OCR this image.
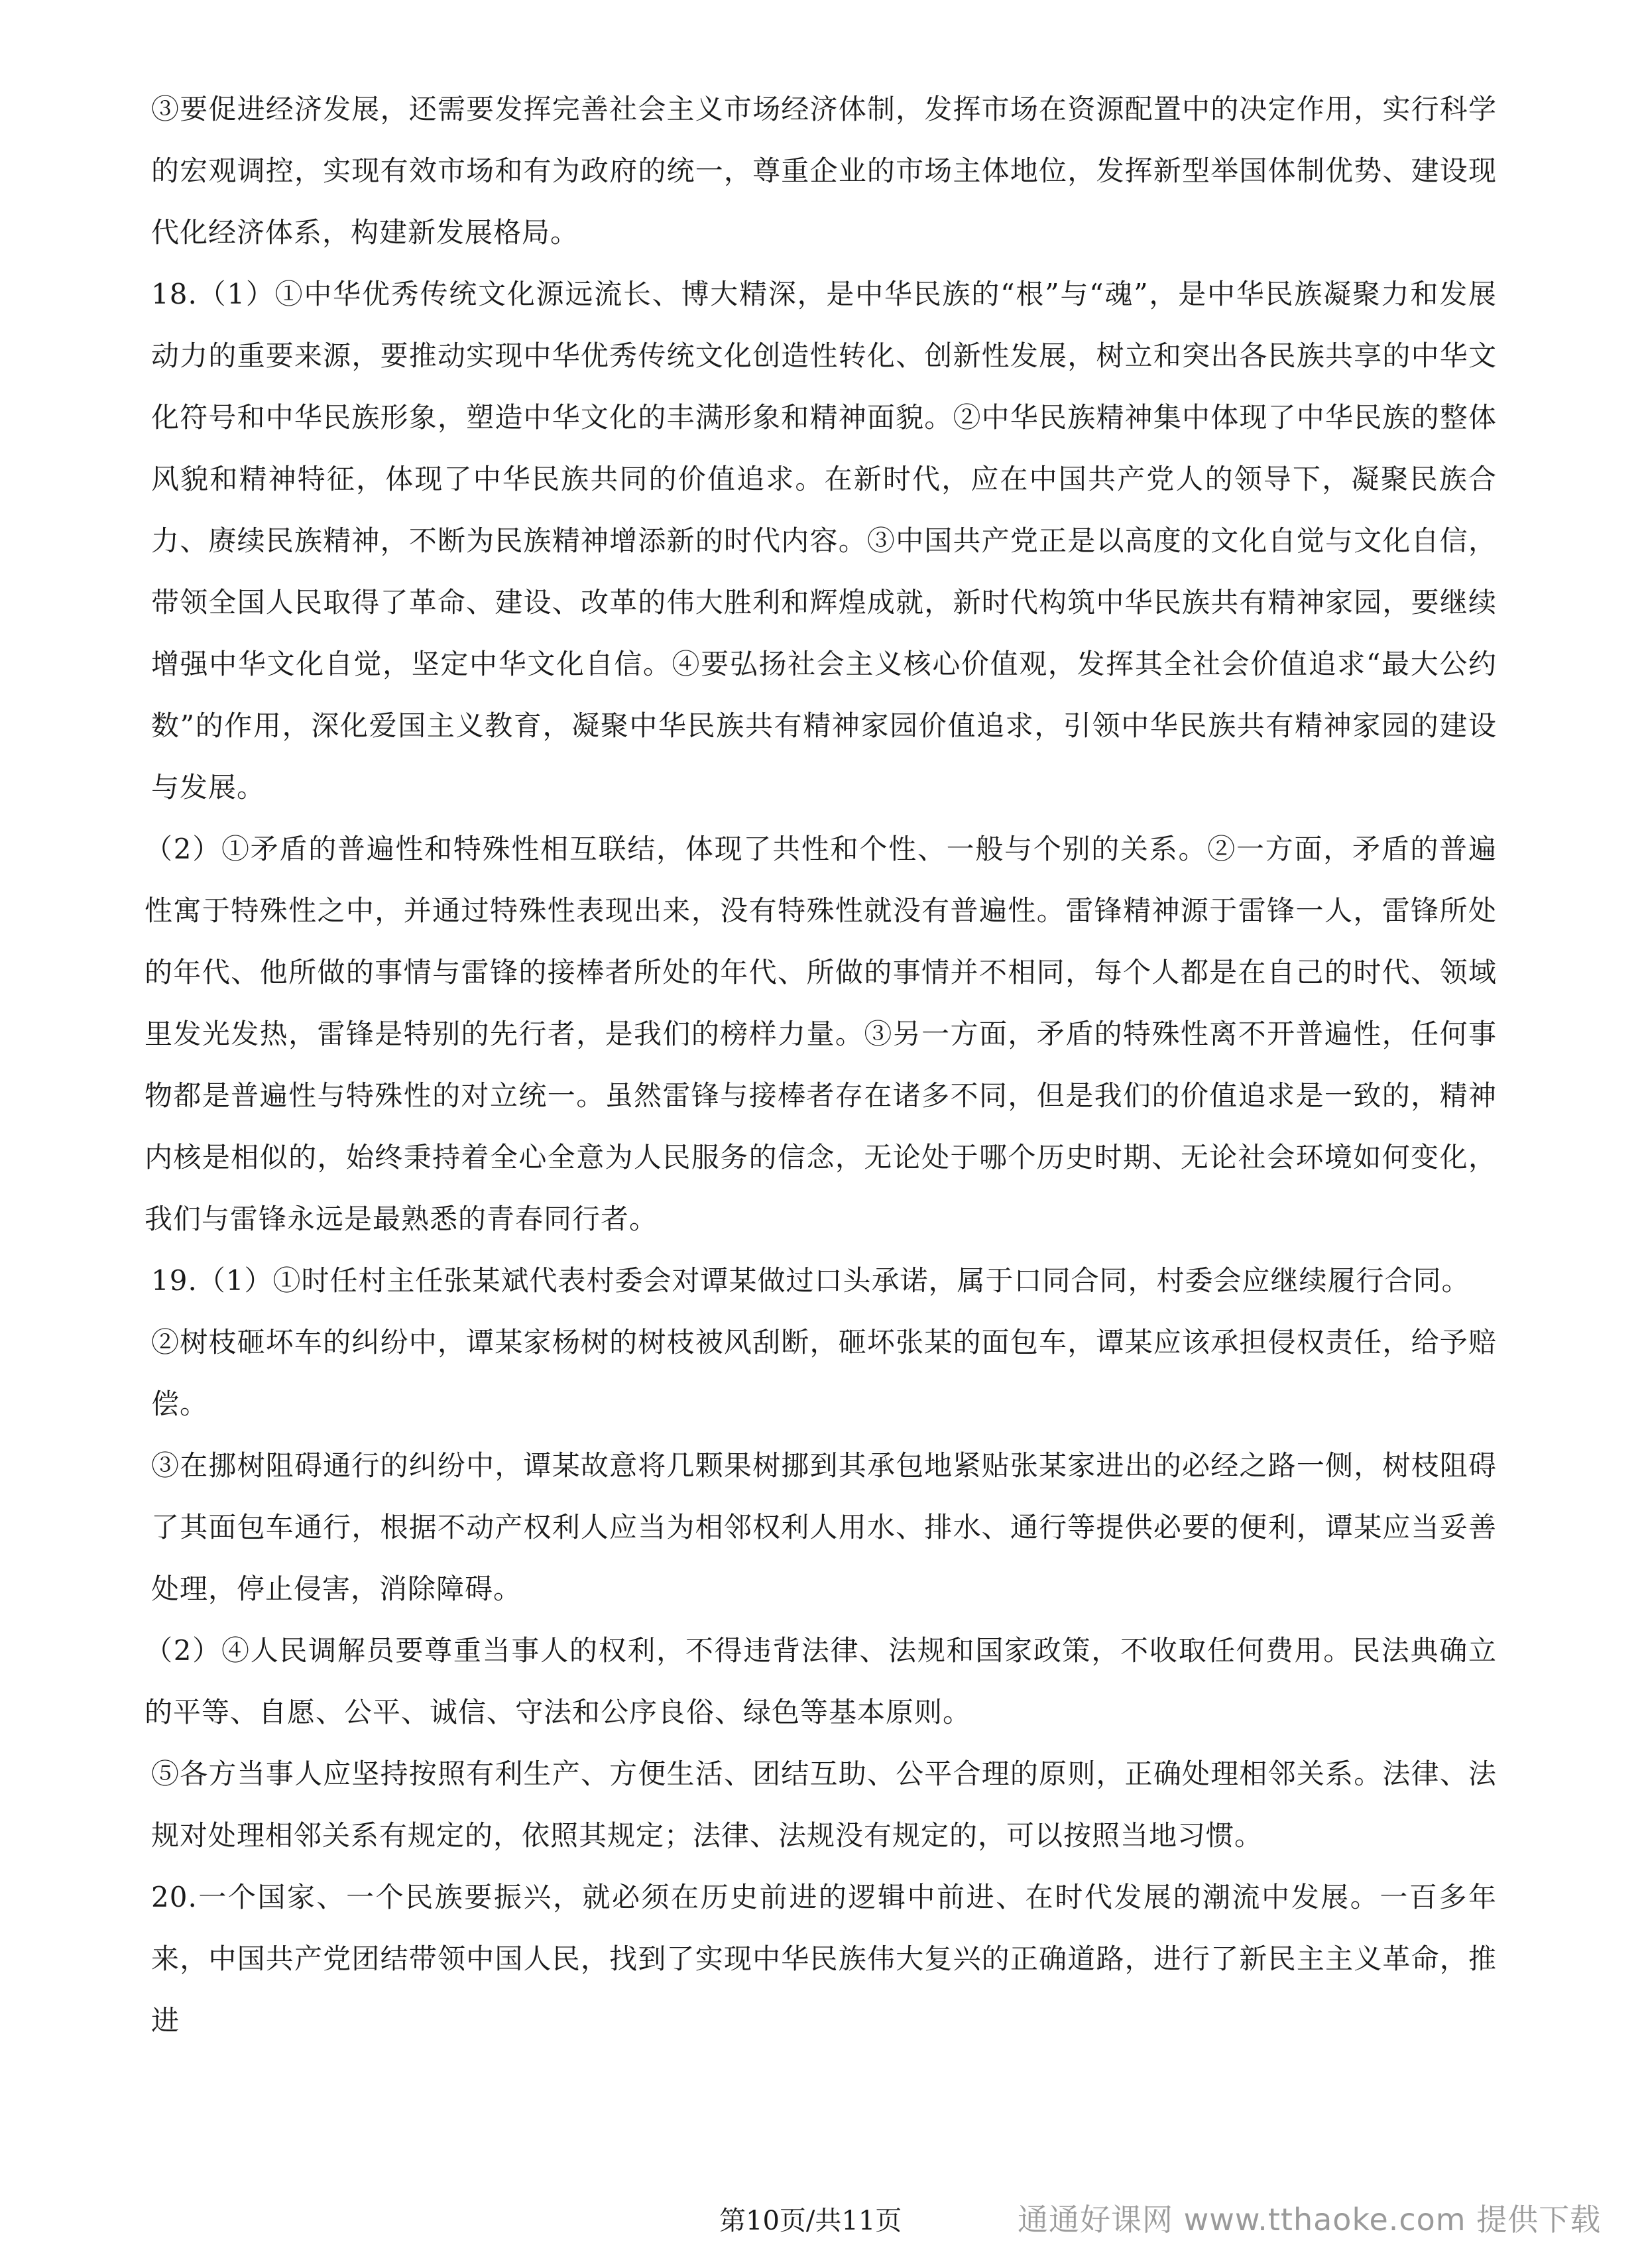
③要促进经济发展，还需要发挥完善社会主义市场经济体制，发挥市场在资源配置中的决定作用，实行科学的宏观调控，实现有效市场和有为政府的统一，尊重企业的市场主体地位，发挥新型举国体制优势、建设现代化经济体系，构建新发展格局。

18.（1）①中华优秀传统文化源远流长、博大精深，是中华民族的“根”与“魂”，是中华民族凝聚力和发展动力的重要来源，要推动实现中华优秀传统文化创造性转化、创新性发展，树立和突出各民族共享的中华文化符号和中华民族形象，塑造中华文化的丰满形象和精神面貌。②中华民族精神集中体现了中华民族的整体风貌和精神特征，体现了中华民族共同的价值追求。在新时代，应在中国共产党人的领导下，凝聚民族合力、赓续民族精神，不断为民族精神增添新的时代内容。③中国共产党正是以高度的文化自觉与文化自信，带领全国人民取得了革命、建设、改革的伟大胜利和辉煌成就，新时代构筑中华民族共有精神家园，要继续增强中华文化自觉，坚定中华文化自信。④要弘扬社会主义核心价值观，发挥其全社会价值追求“最大公约数”的作用，深化爱国主义教育，凝聚中华民族共有精神家园价值追求，引领中华民族共有精神家园的建设与发展。

（2）①矛盾的普遍性和特殊性相互联结，体现了共性和个性、一般与个别的关系。②一方面，矛盾的普遍性寓于特殊性之中，并通过特殊性表现出来，没有特殊性就没有普遍性。雷锋精神源于雷锋一人，雷锋所处的年代、他所做的事情与雷锋的接棒者所处的年代、所做的事情并不相同，每个人都是在自己的时代、领域里发光发热，雷锋是特别的先行者，是我们的榜样力量。③另一方面，矛盾的特殊性离不开普遍性，任何事物都是普遍性与特殊性的对立统一。虽然雷锋与接棒者存在诸多不同，但是我们的价值追求是一致的，精神内核是相似的，始终秉持着全心全意为人民服务的信念，无论处于哪个历史时期、无论社会环境如何变化，我们与雷锋永远是最熟悉的青春同行者。

19.（1）①时任村主任张某斌代表村委会对谭某做过口头承诺，属于口同合同，村委会应继续履行合同。

②树枝砸坏车的纠纷中，谭某家杨树的树枝被风刮断，砸坏张某的面包车，谭某应该承担侵权责任，给予赔偿。

③在挪树阻碍通行的纠纷中，谭某故意将几颗果树挪到其承包地紧贴张某家进出的必经之路一侧，树枝阻碍了其面包车通行，根据不动产权利人应当为相邻权利人用水、排水、通行等提供必要的便利，谭某应当妥善处理，停止侵害，消除障碍。

（2）④人民调解员要尊重当事人的权利，不得违背法律、法规和国家政策，不收取任何费用。民法典确立的平等、自愿、公平、诚信、守法和公序良俗、绿色等基本原则。

⑤各方当事人应坚持按照有利生产、方便生活、团结互助、公平合理的原则，正确处理相邻关系。法律、法规对处理相邻关系有规定的，依照其规定；法律、法规没有规定的，可以按照当地习惯。

20.一个国家、一个民族要振兴，就必须在历史前进的逻辑中前进、在时代发展的潮流中发展。一百多年来，中国共产党团结带领中国人民，找到了实现中华民族伟大复兴的正确道路，进行了新民主主义革命，推进

第10页/共11页	通通好课网 www.tthaoke.com 提供下载
